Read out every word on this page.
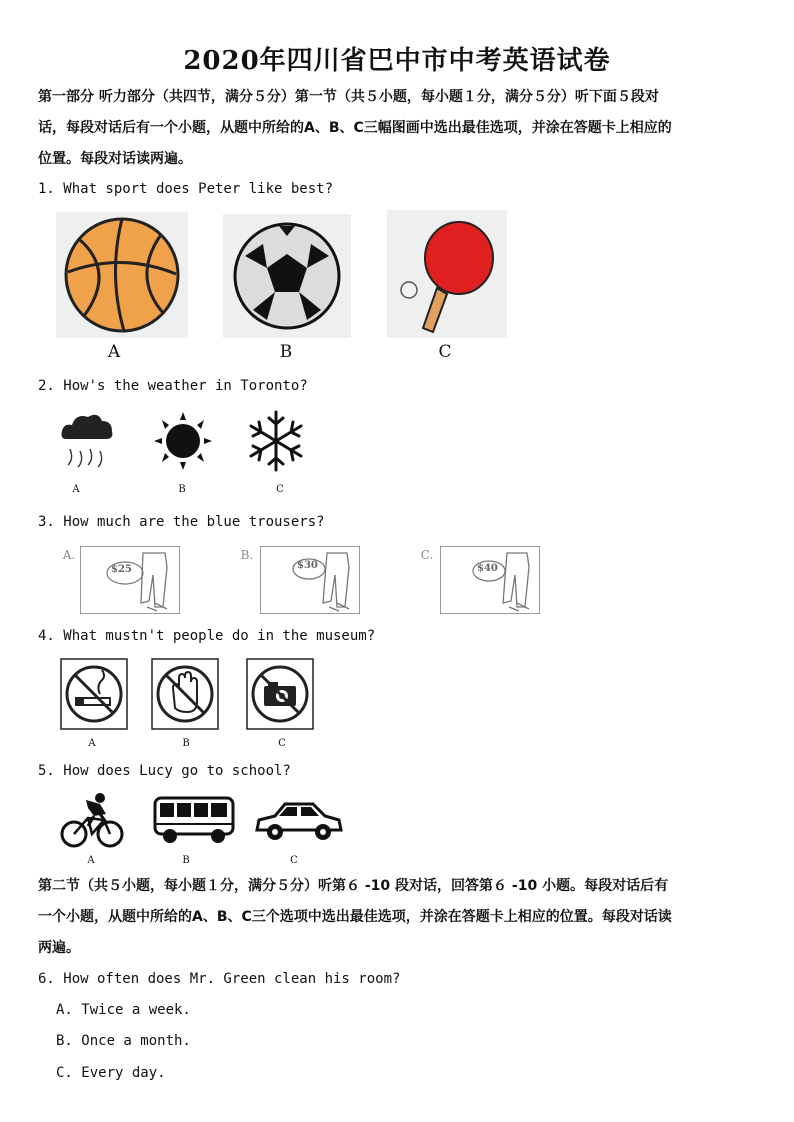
2020年四川省巴中市中考英语试卷
第一部分 听力部分（共四节，满分５分）第一节（共５小题，每小题１分，满分５分）听下面５段对
话，每段对话后有一个小题，从题中所给的A、B、C三幅图画中选出最佳选项，并涂在答题卡上相应的
位置。每段对话读两遍。
1. What sport does Peter like best?
A	B	C
2. How's the weather in Toronto?
A	B	C
3. How much are the blue trousers?
A.	B.	C.
$25	$30	$40
4. What mustn't people do in the museum?
A	B	C
5. How does Lucy go to school?
A	B	C
第二节（共５小题，每小题１分，满分５分）听第６ -10 段对话，回答第６ -10 小题。每段对话后有
一个小题，从题中所给的A、B、C三个选项中选出最佳选项，并涂在答题卡上相应的位置。每段对话读
两遍。
6. How often does Mr. Green clean his room?
A. Twice a week.
B. Once a month.
C. Every day.
